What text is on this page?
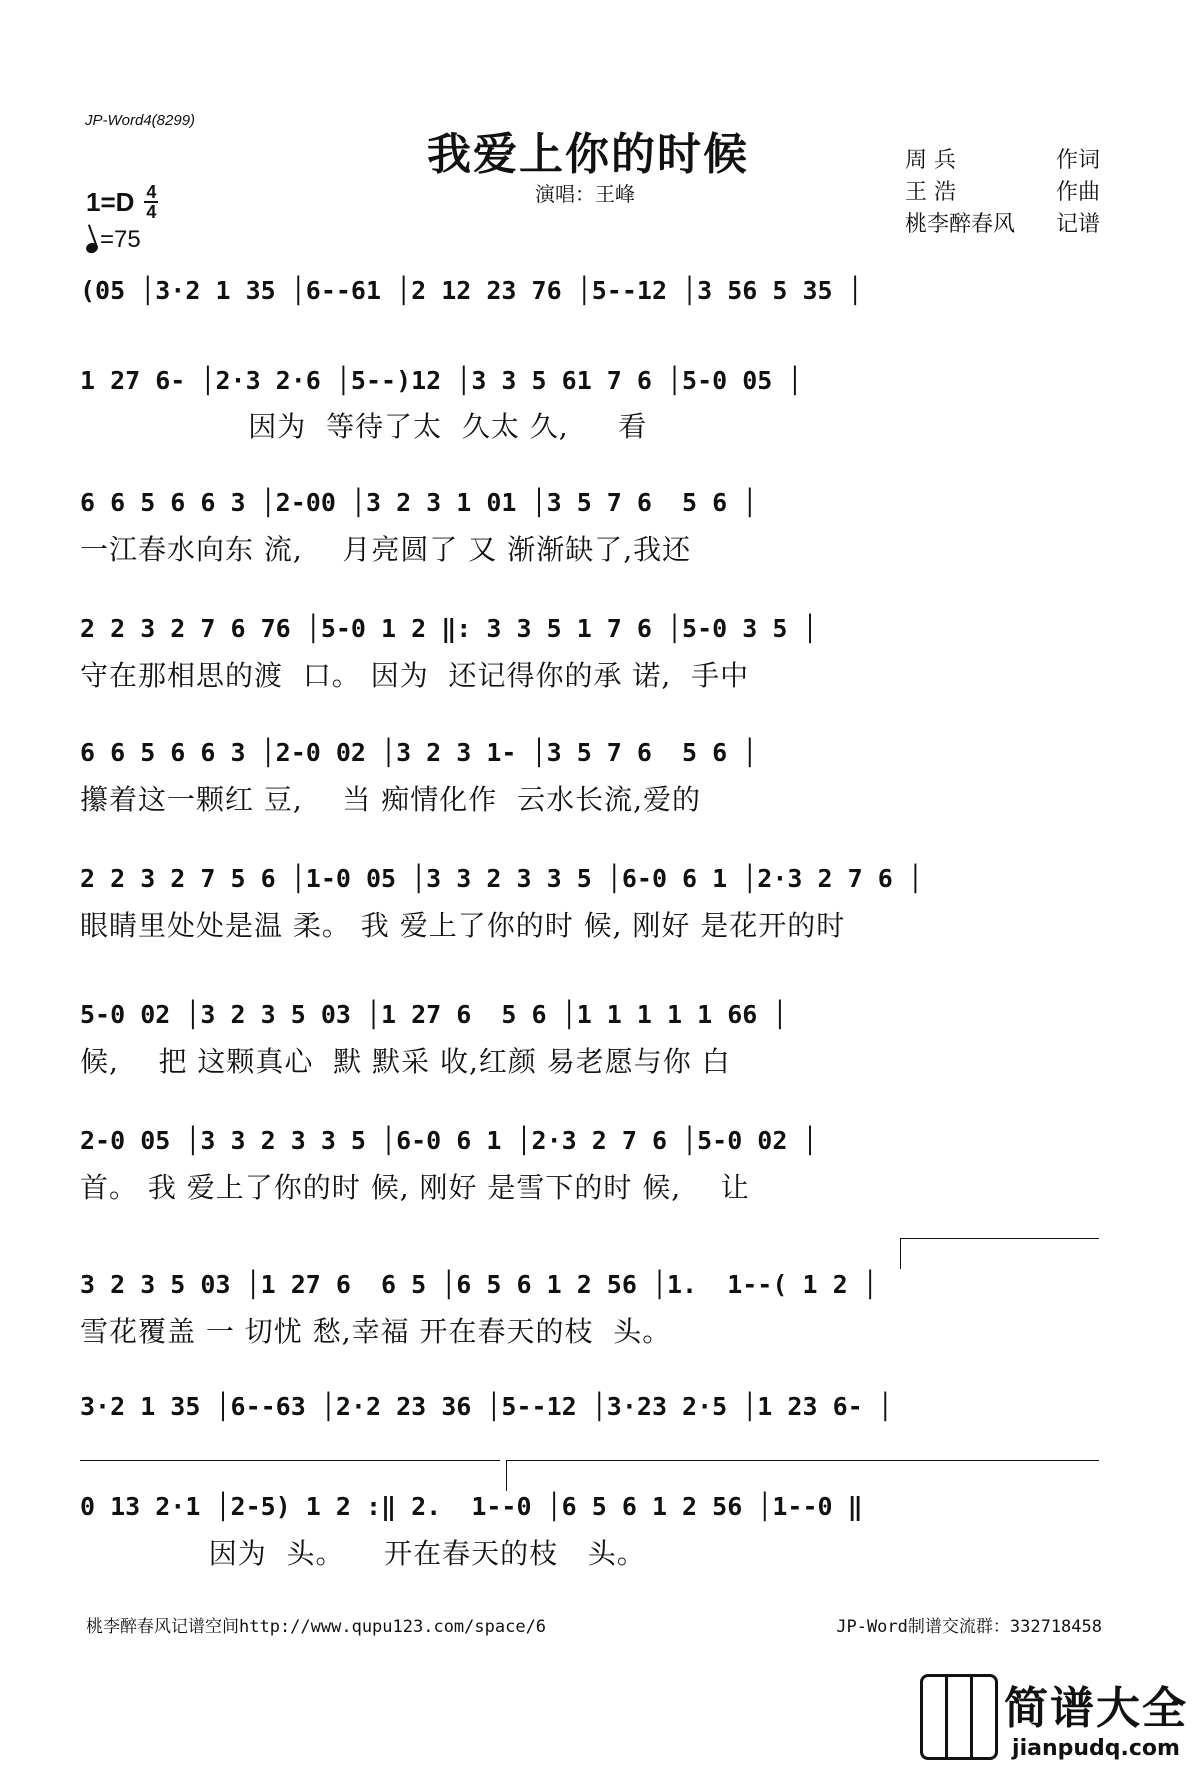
JP-Word4(8299)
我爱上你的时候
演唱：王峰
周 兵	作词
王 浩	作曲
桃李醉春风 记谱
$1=D \frac{4}{4}$
=75
(05 │3·2 1 35 │6--61 │2 12 23 76 │5--12 │3 56 5 35 │
1 27 6- │2·3 2·6 │5--)12 │3 3 5 61 7 6 │5-0 05 │
因为  等待了太  久太 久,     看
6 6 5 6 6 3 │2-00 │3 2 3 1 01 │3 5 7 6  5 6 │
一江春水向东 流,    月亮圆了 又 渐渐缺了,我还
2 2 3 2 7 6 76 │5-0 1 2 ‖: 3 3 5 1 7 6 │5-0 3 5 │
守在那相思的渡  口。 因为  还记得你的承 诺,  手中
6 6 5 6 6 3 │2-0 02 │3 2 3 1- │3 5 7 6  5 6 │
攥着这一颗红 豆,    当 痴情化作  云水长流,爱的
2 2 3 2 7 5 6 │1-0 05 │3 3 2 3 3 5 │6-0 6 1 │2·3 2 7 6 │
眼睛里处处是温 柔。 我 爱上了你的时 候, 刚好 是花开的时
5-0 02 │3 2 3 5 03 │1 27 6  5 6 │1 1 1 1 1 66 │
候,    把 这颗真心  默 默采 收,红颜 易老愿与你 白
2-0 05 │3 3 2 3 3 5 │6-0 6 1 │2·3 2 7 6 │5-0 02 │
首。 我 爱上了你的时 候, 刚好 是雪下的时 候,    让
3 2 3 5 03 │1 27 6  6 5 │6 5 6 1 2 56 │1.  1--( 1 2 │
雪花覆盖 一 切忧 愁,幸福 开在春天的枝  头。
3·2 1 35 │6--63 │2·2 23 36 │5--12 │3·23 2·5 │1 23 6- │
0 13 2·1 │2-5) 1 2 :‖ 2.  1--0 │6 5 6 1 2 56 │1--0 ‖
因为  头。    开在春天的枝   头。
桃李醉春风记谱空间http://www.qupu123.com/space/6	JP-Word制谱交流群：332718458
简谱大全
jianpudq.com
